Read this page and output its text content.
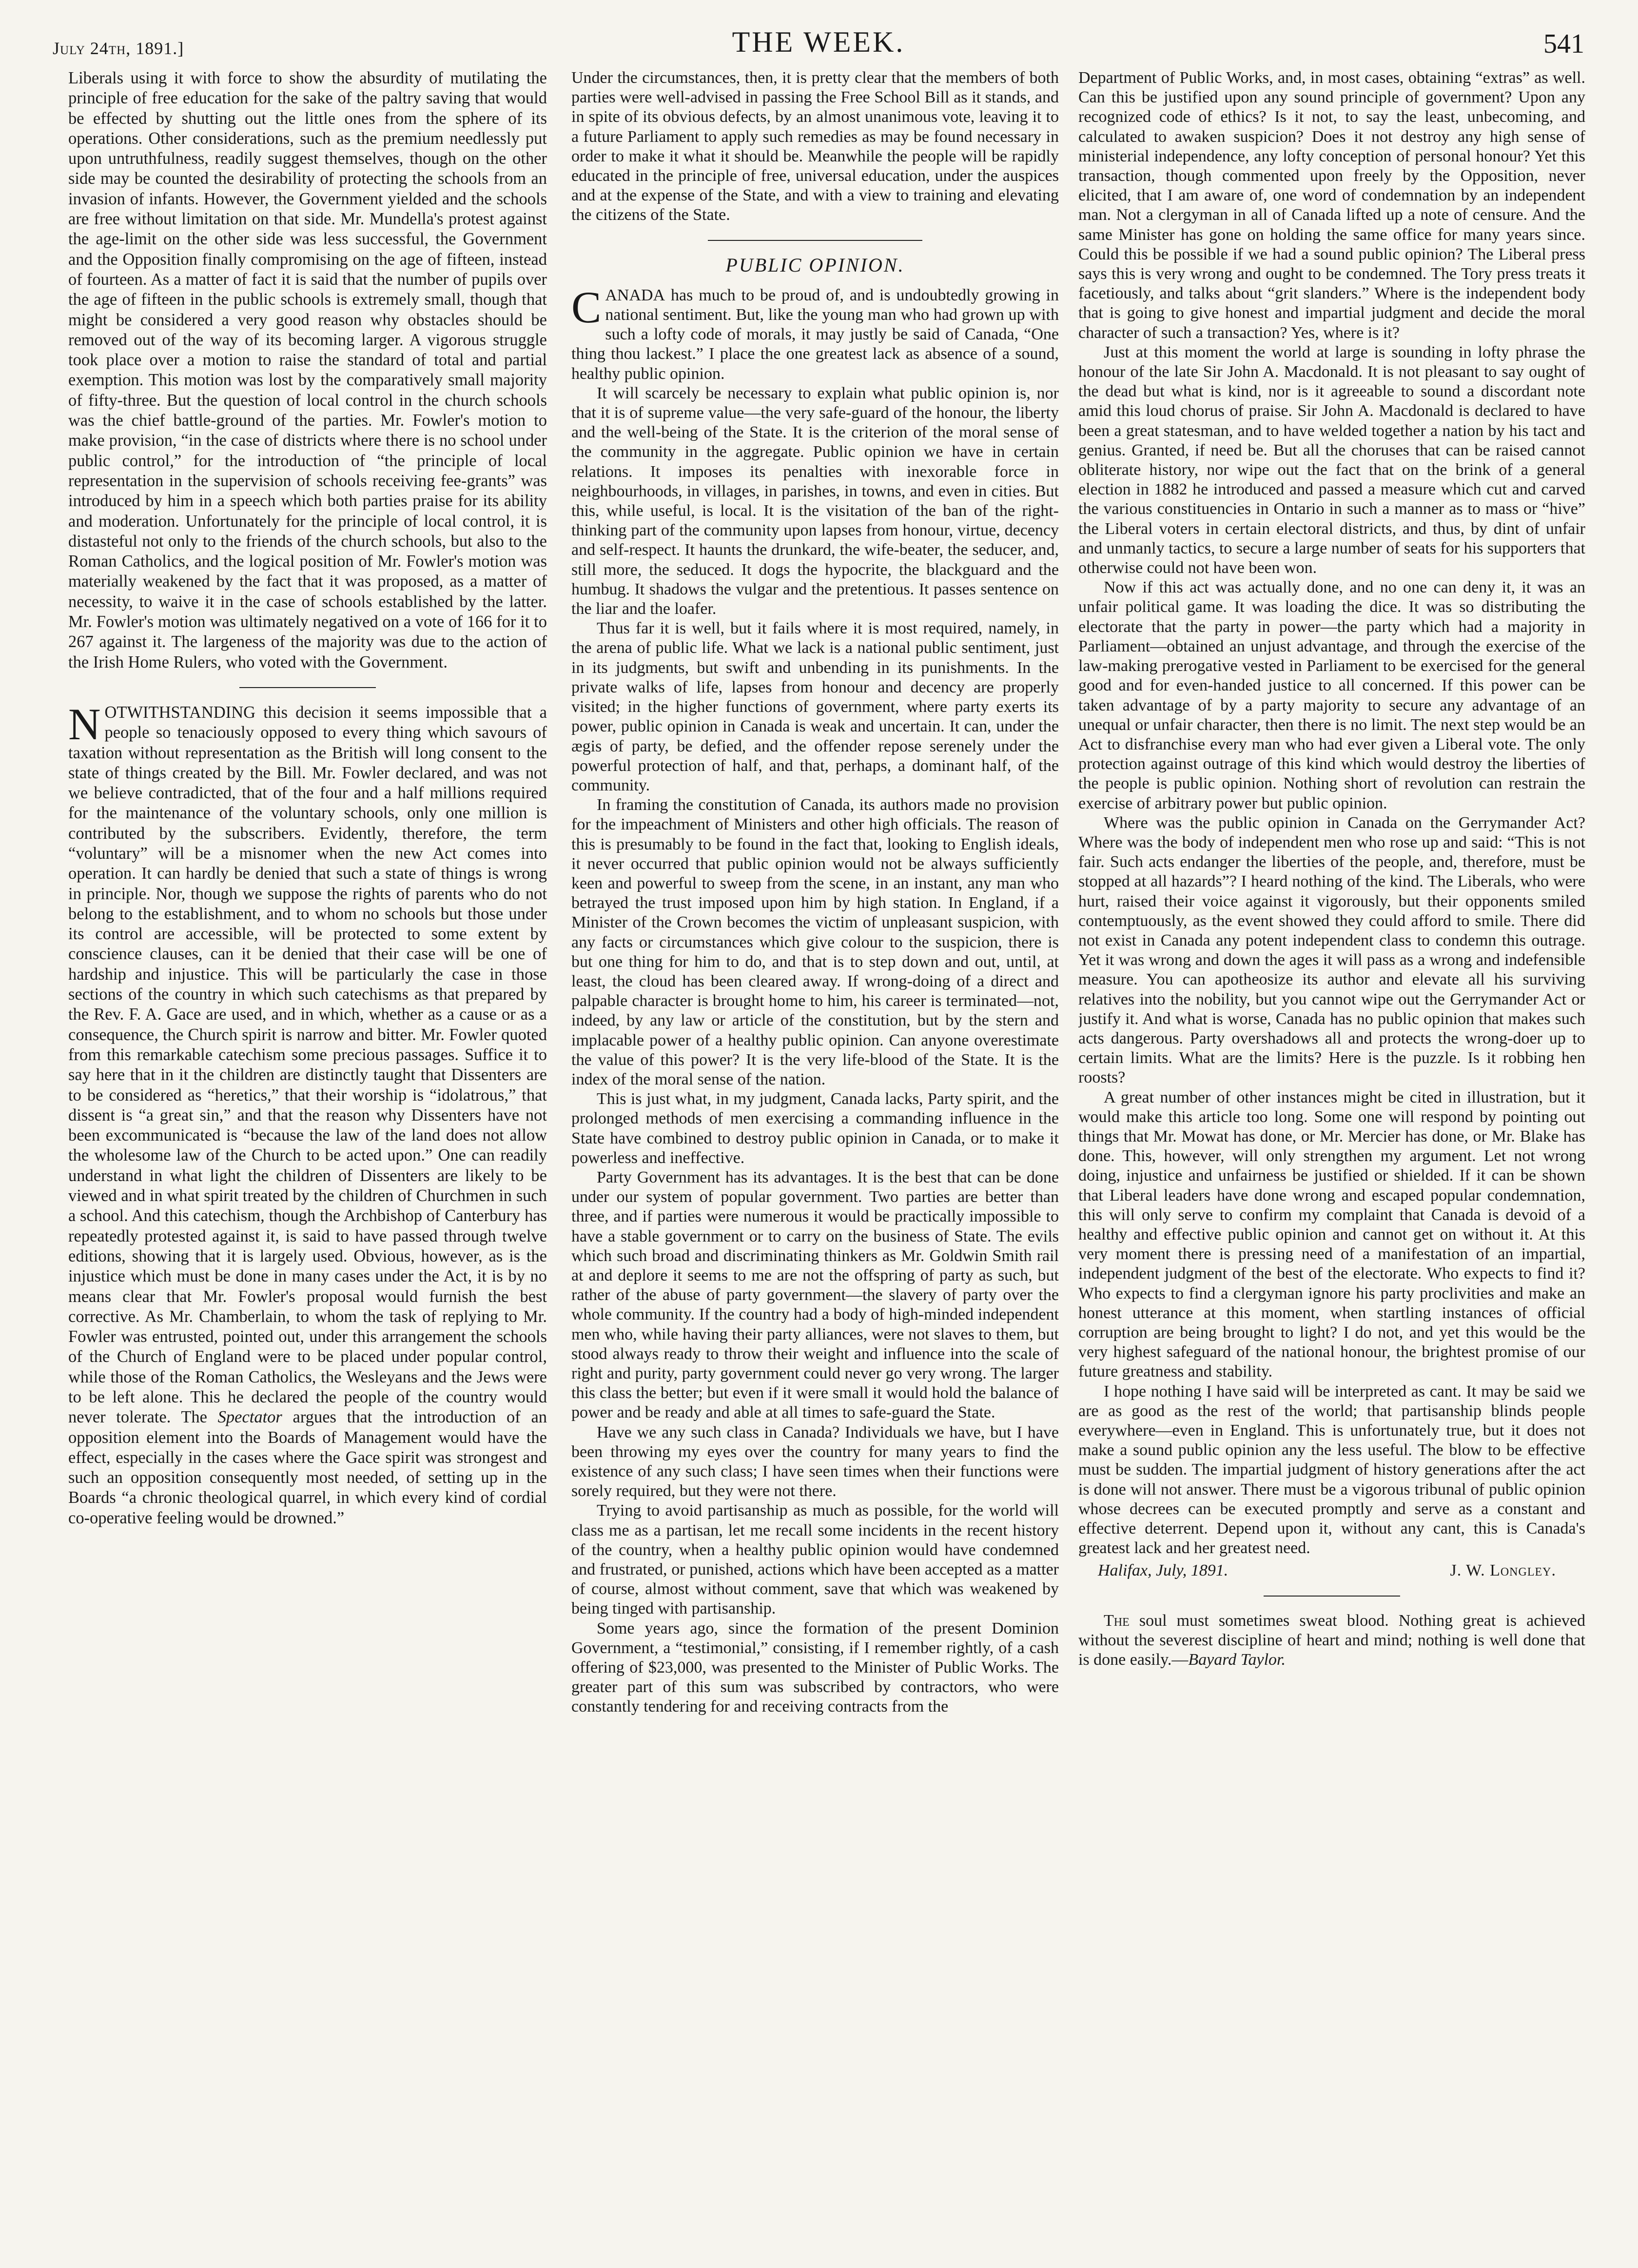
July 24th, 1891.]	THE WEEK.	541

Liberals using it with force to show the absurdity of mutilating the principle of free education for the sake of the paltry saving that would be effected by shutting out the little ones from the sphere of its operations. Other considerations, such as the premium needlessly put upon untruthfulness, readily suggest themselves, though on the other side may be counted the desirability of protecting the schools from an invasion of infants. However, the Government yielded and the schools are free without limitation on that side. Mr. Mundella's protest against the age-limit on the other side was less successful, the Government and the Opposition finally compromising on the age of fifteen, instead of fourteen. As a matter of fact it is said that the number of pupils over the age of fifteen in the public schools is extremely small, though that might be considered a very good reason why obstacles should be removed out of the way of its becoming larger. A vigorous struggle took place over a motion to raise the standard of total and partial exemption. This motion was lost by the comparatively small majority of fifty-three. But the question of local control in the church schools was the chief battle-ground of the parties. Mr. Fowler's motion to make provision, “in the case of districts where there is no school under public control,” for the introduction of “the principle of local representation in the supervision of schools receiving fee-grants” was introduced by him in a speech which both parties praise for its ability and moderation. Unfortunately for the principle of local control, it is distasteful not only to the friends of the church schools, but also to the Roman Catholics, and the logical position of Mr. Fowler's motion was materially weakened by the fact that it was proposed, as a matter of necessity, to waive it in the case of schools established by the latter. Mr. Fowler's motion was ultimately negatived on a vote of 166 for it to 267 against it. The largeness of the majority was due to the action of the Irish Home Rulers, who voted with the Government.

NOTWITHSTANDING this decision it seems impossible that a people so tenaciously opposed to every thing which savours of taxation without representation as the British will long consent to the state of things created by the Bill. Mr. Fowler declared, and was not we believe contradicted, that of the four and a half millions required for the maintenance of the voluntary schools, only one million is contributed by the subscribers. Evidently, therefore, the term “voluntary” will be a misnomer when the new Act comes into operation. It can hardly be denied that such a state of things is wrong in principle. Nor, though we suppose the rights of parents who do not belong to the establishment, and to whom no schools but those under its control are accessible, will be protected to some extent by conscience clauses, can it be denied that their case will be one of hardship and injustice. This will be particularly the case in those sections of the country in which such catechisms as that prepared by the Rev. F. A. Gace are used, and in which, whether as a cause or as a consequence, the Church spirit is narrow and bitter. Mr. Fowler quoted from this remarkable catechism some precious passages. Suffice it to say here that in it the children are distinctly taught that Dissenters are to be considered as “heretics,” that their worship is “idolatrous,” that dissent is “a great sin,” and that the reason why Dissenters have not been excommunicated is “because the law of the land does not allow the wholesome law of the Church to be acted upon.” One can readily understand in what light the children of Dissenters are likely to be viewed and in what spirit treated by the children of Churchmen in such a school. And this catechism, though the Archbishop of Canterbury has repeatedly protested against it, is said to have passed through twelve editions, showing that it is largely used. Obvious, however, as is the injustice which must be done in many cases under the Act, it is by no means clear that Mr. Fowler's proposal would furnish the best corrective. As Mr. Chamberlain, to whom the task of replying to Mr. Fowler was entrusted, pointed out, under this arrangement the schools of the Church of England were to be placed under popular control, while those of the Roman Catholics, the Wesleyans and the Jews were to be left alone. This he declared the people of the country would never tolerate. The Spectator argues that the introduction of an opposition element into the Boards of Management would have the effect, especially in the cases where the Gace spirit was strongest and such an opposition consequently most needed, of setting up in the Boards “a chronic theological quarrel, in which every kind of cordial co-operative feeling would be drowned.”

Under the circumstances, then, it is pretty clear that the members of both parties were well-advised in passing the Free School Bill as it stands, and in spite of its obvious defects, by an almost unanimous vote, leaving it to a future Parliament to apply such remedies as may be found necessary in order to make it what it should be. Meanwhile the people will be rapidly educated in the principle of free, universal education, under the auspices and at the expense of the State, and with a view to training and elevating the citizens of the State.

PUBLIC OPINION.

CANADA has much to be proud of, and is undoubtedly growing in national sentiment. But, like the young man who had grown up with such a lofty code of morals, it may justly be said of Canada, “One thing thou lackest.” I place the one greatest lack as absence of a sound, healthy public opinion.

It will scarcely be necessary to explain what public opinion is, nor that it is of supreme value—the very safe-guard of the honour, the liberty and the well-being of the State. It is the criterion of the moral sense of the community in the aggregate. Public opinion we have in certain relations. It imposes its penalties with inexorable force in neighbourhoods, in villages, in parishes, in towns, and even in cities. But this, while useful, is local. It is the visitation of the ban of the right-thinking part of the community upon lapses from honour, virtue, decency and self-respect. It haunts the drunkard, the wife-beater, the seducer, and, still more, the seduced. It dogs the hypocrite, the blackguard and the humbug. It shadows the vulgar and the pretentious. It passes sentence on the liar and the loafer.

Thus far it is well, but it fails where it is most required, namely, in the arena of public life. What we lack is a national public sentiment, just in its judgments, but swift and unbending in its punishments. In the private walks of life, lapses from honour and decency are properly visited; in the higher functions of government, where party exerts its power, public opinion in Canada is weak and uncertain. It can, under the ægis of party, be defied, and the offender repose serenely under the powerful protection of half, and that, perhaps, a dominant half, of the community.

In framing the constitution of Canada, its authors made no provision for the impeachment of Ministers and other high officials. The reason of this is presumably to be found in the fact that, looking to English ideals, it never occurred that public opinion would not be always sufficiently keen and powerful to sweep from the scene, in an instant, any man who betrayed the trust imposed upon him by high station. In England, if a Minister of the Crown becomes the victim of unpleasant suspicion, with any facts or circumstances which give colour to the suspicion, there is but one thing for him to do, and that is to step down and out, until, at least, the cloud has been cleared away. If wrong-doing of a direct and palpable character is brought home to him, his career is terminated—not, indeed, by any law or article of the constitution, but by the stern and implacable power of a healthy public opinion. Can anyone overestimate the value of this power? It is the very life-blood of the State. It is the index of the moral sense of the nation.

This is just what, in my judgment, Canada lacks, Party spirit, and the prolonged methods of men exercising a commanding influence in the State have combined to destroy public opinion in Canada, or to make it powerless and ineffective.

Party Government has its advantages. It is the best that can be done under our system of popular government. Two parties are better than three, and if parties were numerous it would be practically impossible to have a stable government or to carry on the business of State. The evils which such broad and discriminating thinkers as Mr. Goldwin Smith rail at and deplore it seems to me are not the offspring of party as such, but rather of the abuse of party government—the slavery of party over the whole community. If the country had a body of high-minded independent men who, while having their party alliances, were not slaves to them, but stood always ready to throw their weight and influence into the scale of right and purity, party government could never go very wrong. The larger this class the better; but even if it were small it would hold the balance of power and be ready and able at all times to safe-guard the State.

Have we any such class in Canada? Individuals we have, but I have been throwing my eyes over the country for many years to find the existence of any such class; I have seen times when their functions were sorely required, but they were not there.

Trying to avoid partisanship as much as possible, for the world will class me as a partisan, let me recall some incidents in the recent history of the country, when a healthy public opinion would have condemned and frustrated, or punished, actions which have been accepted as a matter of course, almost without comment, save that which was weakened by being tinged with partisanship.

Some years ago, since the formation of the present Dominion Government, a “testimonial,” consisting, if I remember rightly, of a cash offering of $23,000, was presented to the Minister of Public Works. The greater part of this sum was subscribed by contractors, who were constantly tendering for and receiving contracts from the

Department of Public Works, and, in most cases, obtaining “extras” as well. Can this be justified upon any sound principle of government? Upon any recognized code of ethics? Is it not, to say the least, unbecoming, and calculated to awaken suspicion? Does it not destroy any high sense of ministerial independence, any lofty conception of personal honour? Yet this transaction, though commented upon freely by the Opposition, never elicited, that I am aware of, one word of condemnation by an independent man. Not a clergyman in all of Canada lifted up a note of censure. And the same Minister has gone on holding the same office for many years since. Could this be possible if we had a sound public opinion? The Liberal press says this is very wrong and ought to be condemned. The Tory press treats it facetiously, and talks about “grit slanders.” Where is the independent body that is going to give honest and impartial judgment and decide the moral character of such a transaction? Yes, where is it?

Just at this moment the world at large is sounding in lofty phrase the honour of the late Sir John A. Macdonald. It is not pleasant to say ought of the dead but what is kind, nor is it agreeable to sound a discordant note amid this loud chorus of praise. Sir John A. Macdonald is declared to have been a great statesman, and to have welded together a nation by his tact and genius. Granted, if need be. But all the choruses that can be raised cannot obliterate history, nor wipe out the fact that on the brink of a general election in 1882 he introduced and passed a measure which cut and carved the various constituencies in Ontario in such a manner as to mass or “hive” the Liberal voters in certain electoral districts, and thus, by dint of unfair and unmanly tactics, to secure a large number of seats for his supporters that otherwise could not have been won.

Now if this act was actually done, and no one can deny it, it was an unfair political game. It was loading the dice. It was so distributing the electorate that the party in power—the party which had a majority in Parliament—obtained an unjust advantage, and through the exercise of the law-making prerogative vested in Parliament to be exercised for the general good and for even-handed justice to all concerned. If this power can be taken advantage of by a party majority to secure any advantage of an unequal or unfair character, then there is no limit. The next step would be an Act to disfranchise every man who had ever given a Liberal vote. The only protection against outrage of this kind which would destroy the liberties of the people is public opinion. Nothing short of revolution can restrain the exercise of arbitrary power but public opinion.

Where was the public opinion in Canada on the Gerrymander Act? Where was the body of independent men who rose up and said: “This is not fair. Such acts endanger the liberties of the people, and, therefore, must be stopped at all hazards”? I heard nothing of the kind. The Liberals, who were hurt, raised their voice against it vigorously, but their opponents smiled contemptuously, as the event showed they could afford to smile. There did not exist in Canada any potent independent class to condemn this outrage. Yet it was wrong and down the ages it will pass as a wrong and indefensible measure. You can apotheosize its author and elevate all his surviving relatives into the nobility, but you cannot wipe out the Gerrymander Act or justify it. And what is worse, Canada has no public opinion that makes such acts dangerous. Party overshadows all and protects the wrong-doer up to certain limits. What are the limits? Here is the puzzle. Is it robbing hen roosts?

A great number of other instances might be cited in illustration, but it would make this article too long. Some one will respond by pointing out things that Mr. Mowat has done, or Mr. Mercier has done, or Mr. Blake has done. This, however, will only strengthen my argument. Let not wrong doing, injustice and unfairness be justified or shielded. If it can be shown that Liberal leaders have done wrong and escaped popular condemnation, this will only serve to confirm my complaint that Canada is devoid of a healthy and effective public opinion and cannot get on without it. At this very moment there is pressing need of a manifestation of an impartial, independent judgment of the best of the electorate. Who expects to find it? Who expects to find a clergyman ignore his party proclivities and make an honest utterance at this moment, when startling instances of official corruption are being brought to light? I do not, and yet this would be the very highest safeguard of the national honour, the brightest promise of our future greatness and stability.

I hope nothing I have said will be interpreted as cant. It may be said we are as good as the rest of the world; that partisanship blinds people everywhere—even in England. This is unfortunately true, but it does not make a sound public opinion any the less useful. The blow to be effective must be sudden. The impartial judgment of history generations after the act is done will not answer. There must be a vigorous tribunal of public opinion whose decrees can be executed promptly and serve as a constant and effective deterrent. Depend upon it, without any cant, this is Canada's greatest lack and her greatest need.

Halifax, July, 1891.	J. W. Longley.

The soul must sometimes sweat blood. Nothing great is achieved without the severest discipline of heart and mind; nothing is well done that is done easily.—Bayard Taylor.
